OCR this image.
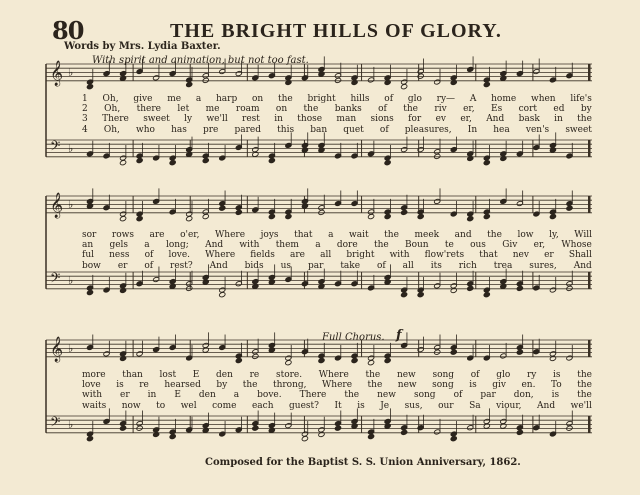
80	THE BRIGHT HILLS OF GLORY.
Words by Mrs. Lydia Baxter.
With spirit and animation, but not too fast.
𝄞 ♭
𝄢 ♭
1 Oh, give me a harp on the bright hills of glo ry— A home when life's
2 Oh, there let me roam on the banks of the riv er, Es cort ed by
3 There sweet ly we'll rest in those man sions for ev er, And bask in the
4 Oh, who has pre pared this ban quet of pleasures, In hea ven's sweet
𝄞 ♭
𝄢 ♭
sor rows are o'er, Where joys that a wait the meek and the low ly, Will
an gels a long; And with them a dore the Boun te ous Giv er, Whose
ful ness of love. Where fields are all bright with flow'rets that nev er Shall
bow er of rest? And bids us par take of all its rich trea sures, And
Full Chorus. f
𝄞 ♭
𝄢 ♭
more than lost E den re store. Where the new song of glo ry is the
love is re hearsed by the throng, Where the new song is giv en. To the
with er in E den a bove. There the new song of par don, is the
waits now to wel come each guest? It is Je sus, our Sa viour, And we'll
Composed for the Baptist S. S. Union Anniversary, 1862.
